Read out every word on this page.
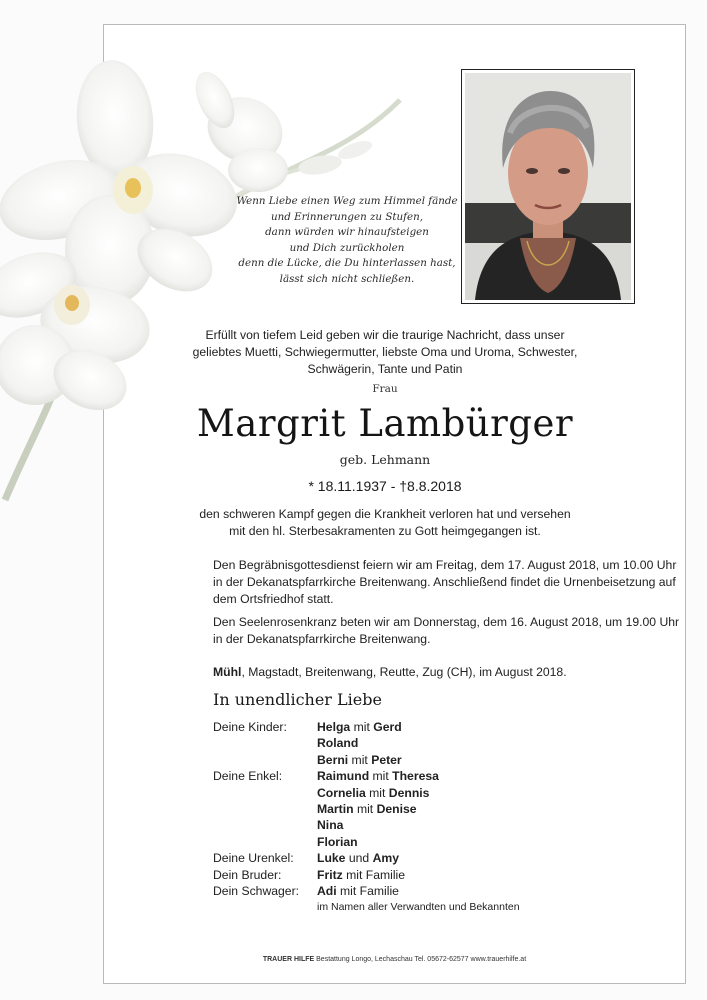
Wenn Liebe einen Weg zum Himmel fände
und Erinnerungen zu Stufen,
dann würden wir hinaufsteigen
und Dich zurückholen
denn die Lücke, die Du hinterlassen hast,
lässt sich nicht schließen.
Erfüllt von tiefem Leid geben wir die traurige Nachricht, dass unser
geliebtes Muetti, Schwiegermutter, liebste Oma und Uroma, Schwester,
Schwägerin, Tante und Patin
Frau
Margrit Lambürger
geb. Lehmann
* 18.11.1937 - †8.8.2018
den schweren Kampf gegen die Krankheit verloren hat und versehen
mit den hl. Sterbesakramenten zu Gott heimgegangen ist.
Den Begräbnisgottesdienst feiern wir am Freitag, dem 17. August 2018, um 10.00 Uhr
in der Dekanatspfarrkirche Breitenwang. Anschließend findet die Urnenbeisetzung auf
dem Ortsfriedhof statt.
Den Seelenrosenkranz beten wir am Donnerstag, dem 16. August 2018, um 19.00 Uhr
in der Dekanatspfarrkirche Breitenwang.
Mühl, Magstadt, Breitenwang, Reutte, Zug (CH), im August 2018.
In unendlicher Liebe
Deine Kinder: Helga mit Gerd
Roland
Berni mit Peter
Deine Enkel:	Raimund mit Theresa
Cornelia mit Dennis
Martin mit Denise
Nina
Florian
Deine Urenkel: Luke und Amy
Dein Bruder:	Fritz mit Familie
Dein Schwager: Adi mit Familie
im Namen aller Verwandten und Bekannten
TRAUER HILFE Bestattung Longo, Lechaschau Tel. 05672-62577 www.trauerhilfe.at
